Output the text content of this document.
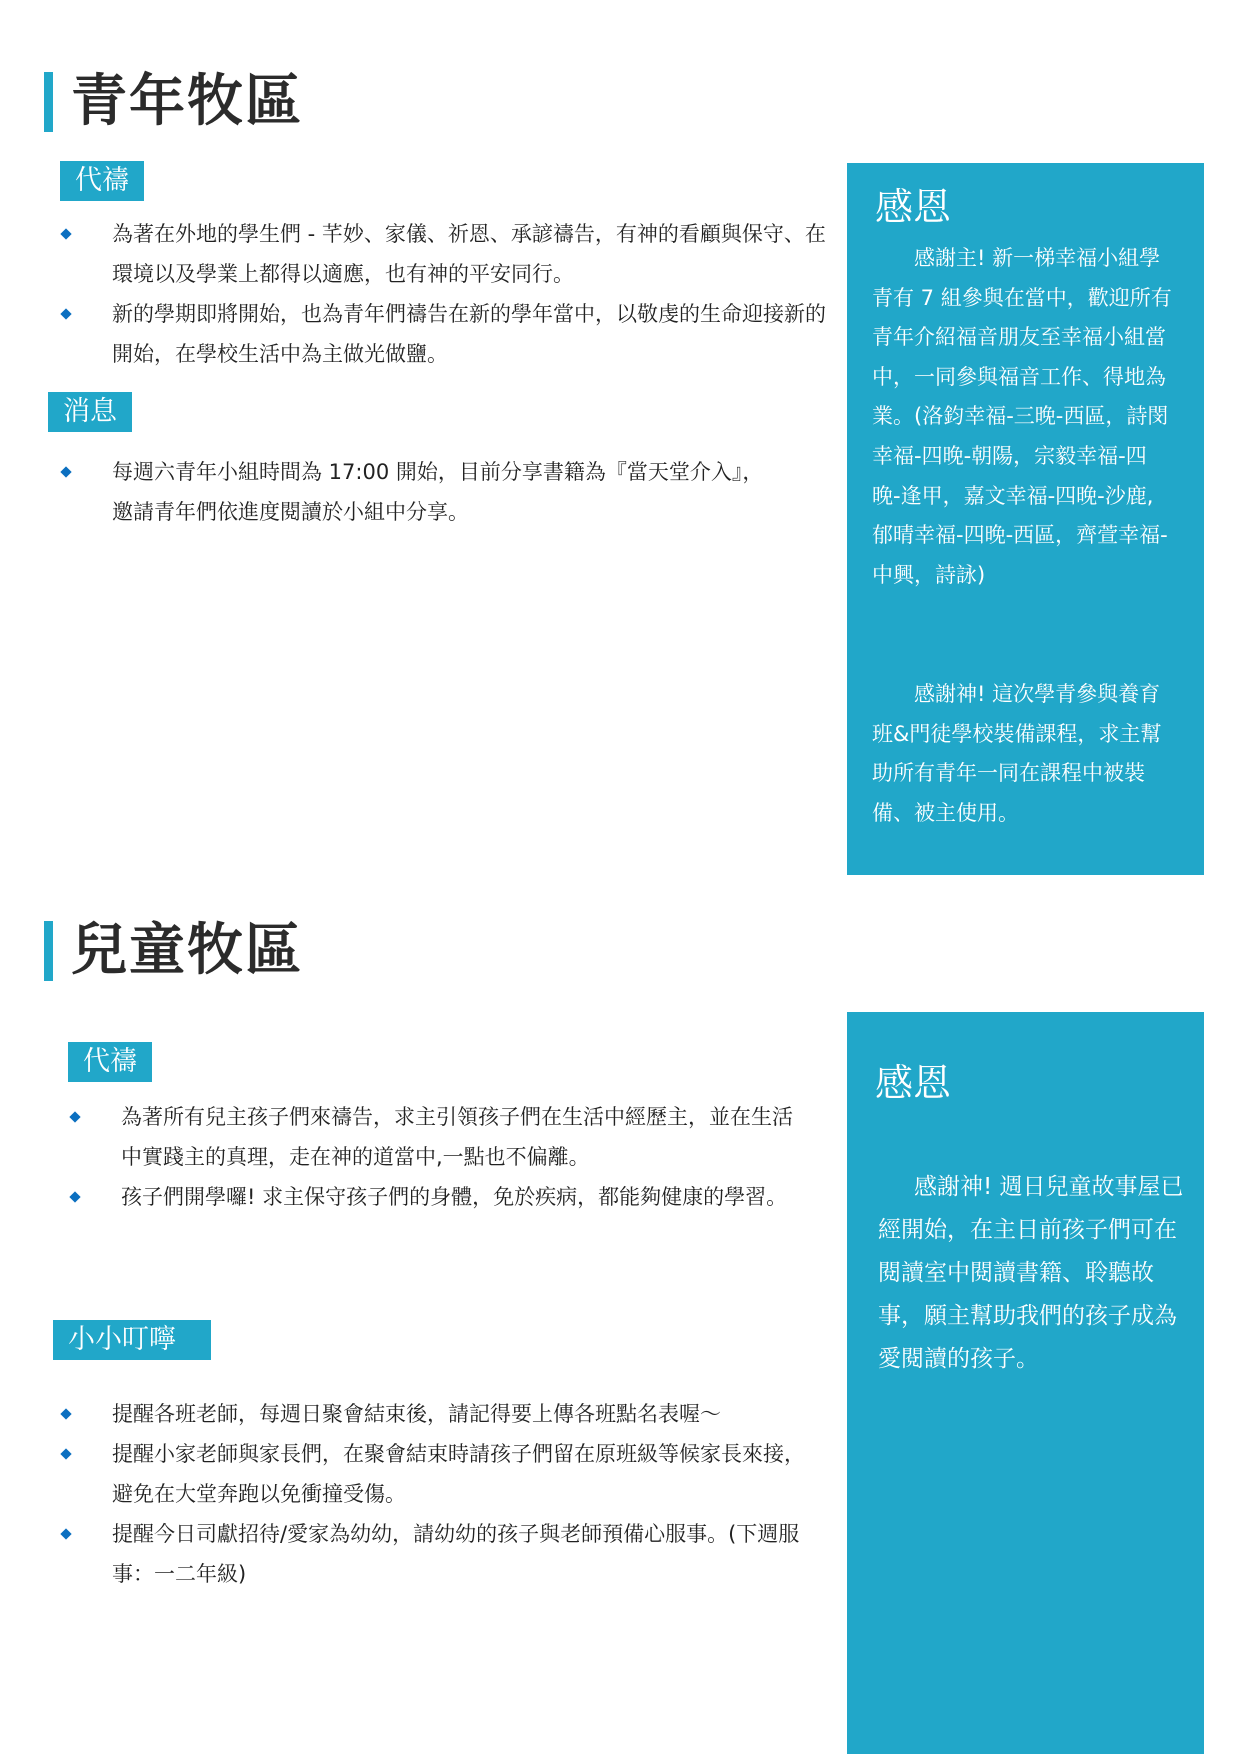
青年牧區
代禱
為著在外地的學生們 - 芊妙、家儀、祈恩、承諺禱告，有神的看顧與保守、在環境以及學業上都得以適應，也有神的平安同行。
新的學期即將開始，也為青年們禱告在新的學年當中，以敬虔的生命迎接新的開始，在學校生活中為主做光做鹽。
消息
每週六青年小組時間為 17:00 開始，目前分享書籍為『當天堂介入』，邀請青年們依進度閱讀於小組中分享。
感恩

感謝主! 新一梯幸福小組學青有 7 組參與在當中，歡迎所有青年介紹福音朋友至幸福小組當中，一同參與福音工作、得地為業。(洛鈞幸福-三晚-西區，詩閔幸福-四晚-朝陽，宗毅幸福-四晚-逢甲，嘉文幸福-四晚-沙鹿, 郁晴幸福-四晚-西區，齊萱幸福-中興，詩詠)

感謝神! 這次學青參與養育班&門徒學校裝備課程，求主幫助所有青年一同在課程中被裝備、被主使用。

兒童牧區
代禱
為著所有兒主孩子們來禱告，求主引領孩子們在生活中經歷主，並在生活中實踐主的真理，走在神的道當中,一點也不偏離。
孩子們開學囉! 求主保守孩子們的身體，免於疾病，都能夠健康的學習。
小小叮嚀
提醒各班老師，每週日聚會結束後，請記得要上傳各班點名表喔～
提醒小家老師與家長們，在聚會結束時請孩子們留在原班級等候家長來接，避免在大堂奔跑以免衝撞受傷。
提醒今日司獻招待/愛家為幼幼，請幼幼的孩子與老師預備心服事。(下週服事：一二年級)
感恩

感謝神! 週日兒童故事屋已經開始，在主日前孩子們可在閱讀室中閱讀書籍、聆聽故事，願主幫助我們的孩子成為愛閱讀的孩子。
